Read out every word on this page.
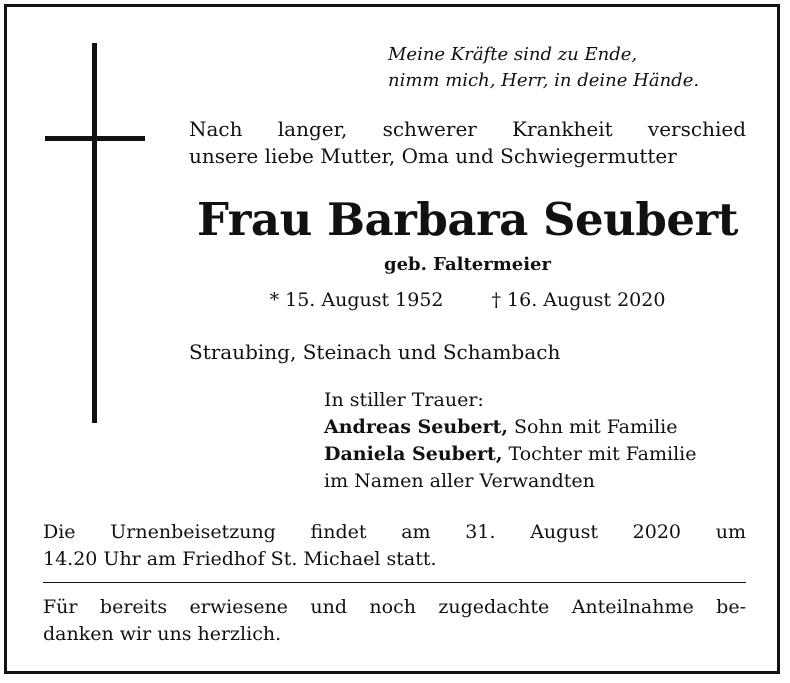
Meine Kräfte sind zu Ende,
nimm mich, Herr, in deine Hände.
Nach langer, schwerer Krankheit verschied
unsere liebe Mutter, Oma und Schwiegermutter
Frau Barbara Seubert
geb. Faltermeier
* 15. August 1952	† 16. August 2020
Straubing, Steinach und Schambach
In stiller Trauer:
Andreas Seubert, Sohn mit Familie
Daniela Seubert, Tochter mit Familie
im Namen aller Verwandten
Die Urnenbeisetzung findet am 31. August 2020 um
14.20 Uhr am Friedhof St. Michael statt.
Für bereits erwiesene und noch zugedachte Anteilnahme be-
danken wir uns herzlich.
